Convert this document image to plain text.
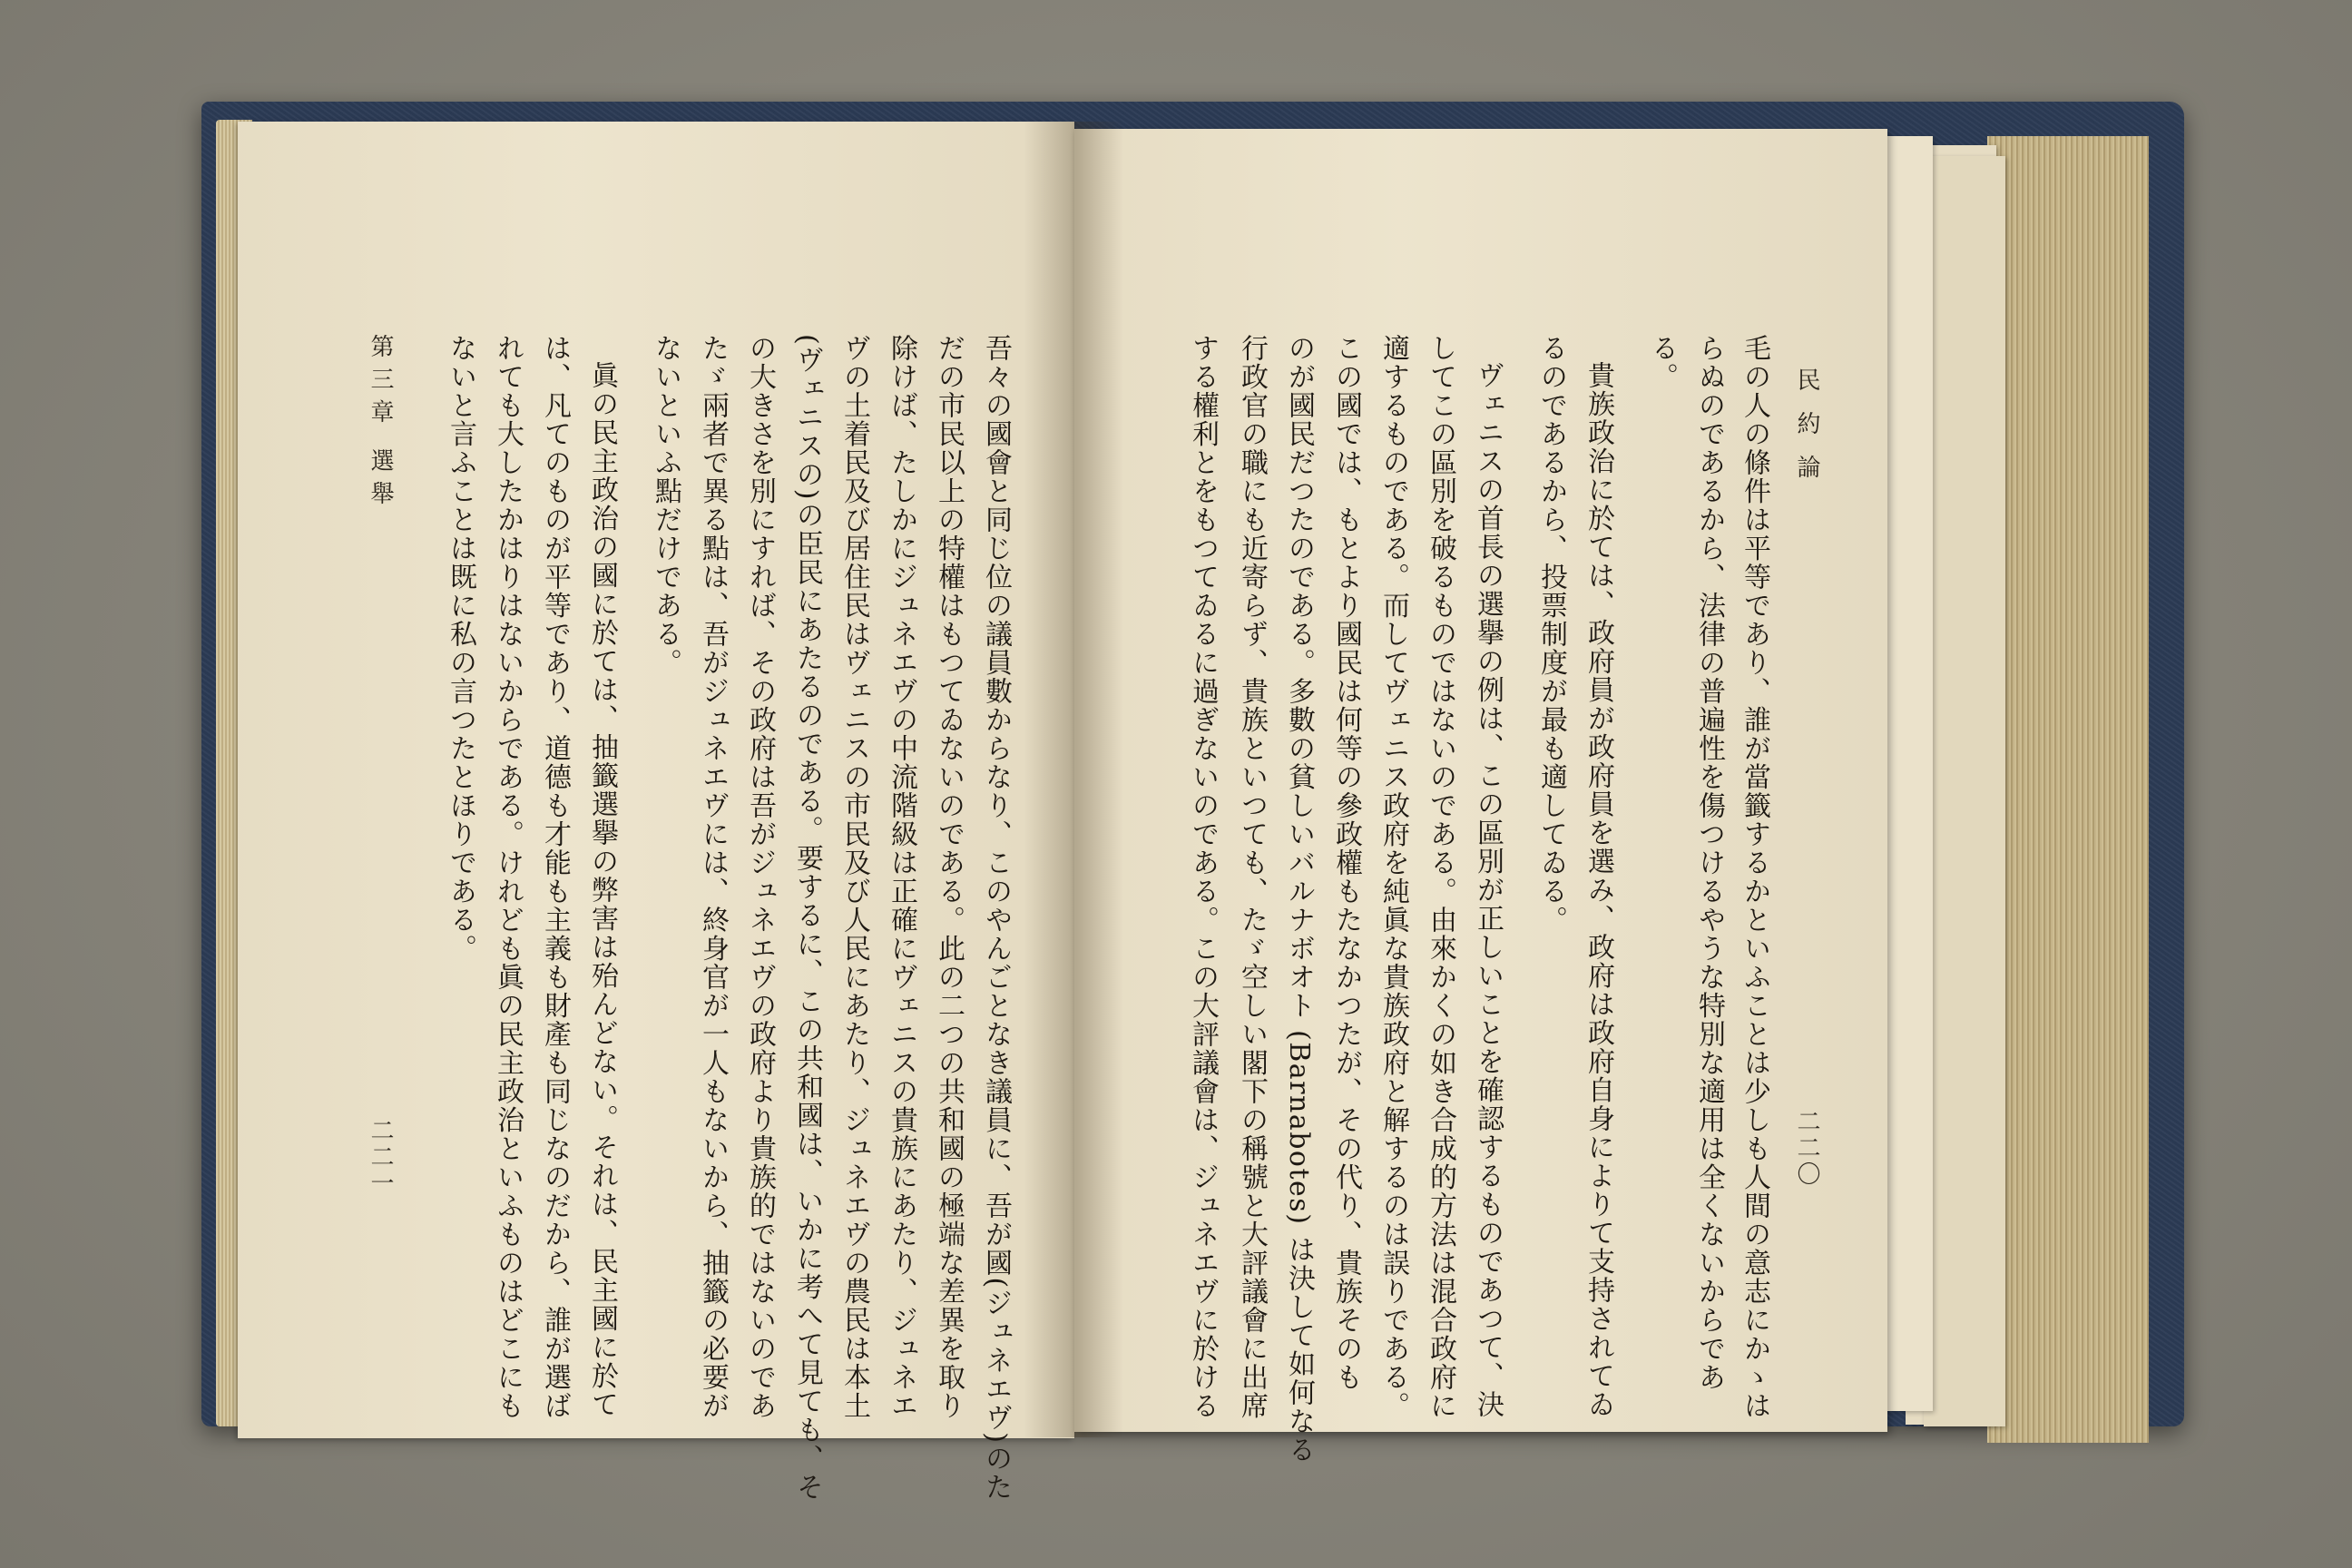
民約論
二二〇
毛の人の條件は平等であり、誰が當籤するかといふことは少しも人間の意志にかゝは
らぬのであるから、法律の普遍性を傷つけるやうな特別な適用は全くないからであ
る。
貴族政治に於ては、政府員が政府員を選み、政府は政府自身によりて支持されてゐ
るのであるから、投票制度が最も適してゐる。
ヴェニスの首長の選擧の例は、この區別が正しいことを確認するものであつて、決
してこの區別を破るものではないのである。由來かくの如き合成的方法は混合政府に
適するものである。而してヴェニス政府を純眞な貴族政府と解するのは誤りである。
この國では、もとより國民は何等の參政權もたなかつたが、その代り、貴族そのも
のが國民だつたのである。多數の貧しいバルナボオト (Barnabotes) は決して如何なる
行政官の職にも近寄らず、貴族といつても、たゞ空しい閣下の稱號と大評議會に出席
する權利とをもつてゐるに過ぎないのである。この大評議會は、ジュネエヴに於ける
吾々の國會と同じ位の議員數からなり、このやんごとなき議員に、吾が國(ジュネエヴ)のた
だの市民以上の特權はもつてゐないのである。此の二つの共和國の極端な差異を取り
除けば、たしかにジュネエヴの中流階級は正確にヴェニスの貴族にあたり、ジュネエ
ヴの土着民及び居住民はヴェニスの市民及び人民にあたり、ジュネエヴの農民は本土
(ヴェニスの)の臣民にあたるのである。要するに、この共和國は、いかに考へて見ても、そ
の大きさを別にすれば、その政府は吾がジュネエヴの政府より貴族的ではないのであ
たゞ兩者で異る點は、吾がジュネエヴには、終身官が一人もないから、抽籤の必要が
ないといふ點だけである。
眞の民主政治の國に於ては、抽籤選擧の弊害は殆んどない。それは、民主國に於て
は、凡てのものが平等であり、道德も才能も主義も財產も同じなのだから、誰が選ば
れても大したかはりはないからである。けれども眞の民主政治といふものはどこにも
ないと言ふことは既に私の言つたとほりである。
第三章 選舉
二二一
